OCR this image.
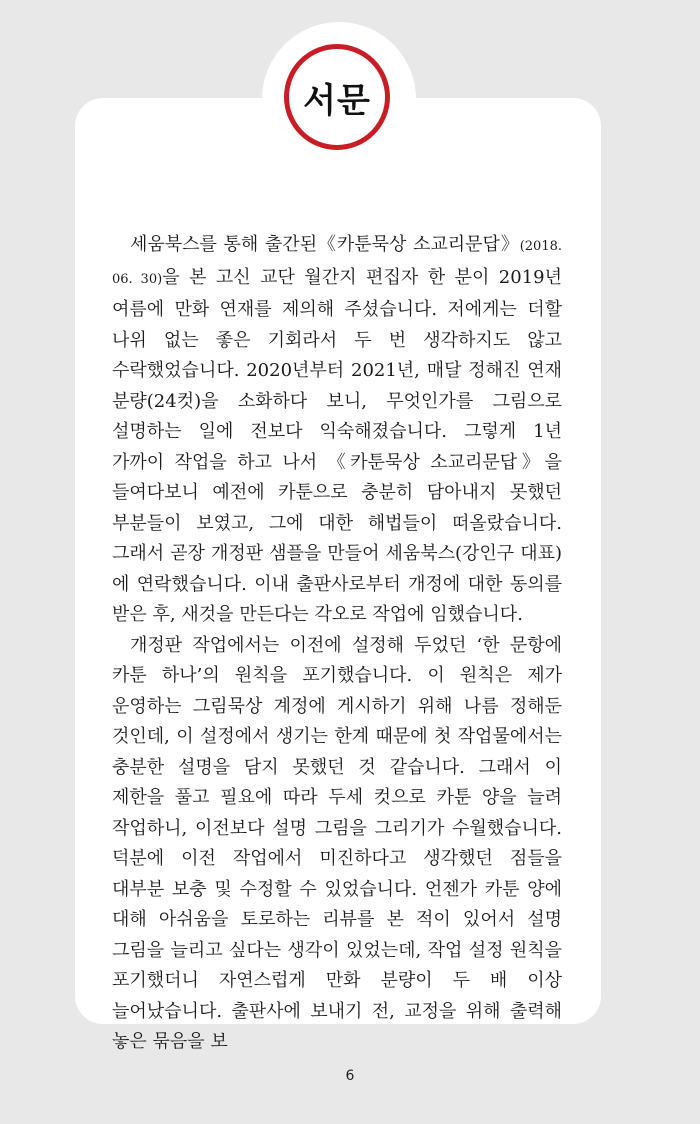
서문

세움북스를 통해 출간된《카툰묵상 소교리문답》(2018. 06. 30)을 본 고신 교단 월간지 편집자 한 분이 2019년 여름에 만화 연재를 제의해 주셨습니다. 저에게는 더할 나위 없는 좋은 기회라서 두 번 생각하지도 않고 수락했었습니다. 2020년부터 2021년, 매달 정해진 연재 분량(24컷)을 소화하다 보니, 무엇인가를 그림으로 설명하는 일에 전보다 익숙해졌습니다. 그렇게 1년 가까이 작업을 하고 나서 《카툰묵상 소교리문답》을 들여다보니 예전에 카툰으로 충분히 담아내지 못했던 부분들이 보였고, 그에 대한 해법들이 떠올랐습니다. 그래서 곧장 개정판 샘플을 만들어 세움북스(강인구 대표)에 연락했습니다. 이내 출판사로부터 개정에 대한 동의를 받은 후, 새것을 만든다는 각오로 작업에 임했습니다.

개정판 작업에서는 이전에 설정해 두었던 ‘한 문항에 카툰 하나’의 원칙을 포기했습니다. 이 원칙은 제가 운영하는 그림묵상 계정에 게시하기 위해 나름 정해둔 것인데, 이 설정에서 생기는 한계 때문에 첫 작업물에서는 충분한 설명을 담지 못했던 것 같습니다. 그래서 이 제한을 풀고 필요에 따라 두세 컷으로 카툰 양을 늘려 작업하니, 이전보다 설명 그림을 그리기가 수월했습니다. 덕분에 이전 작업에서 미진하다고 생각했던 점들을 대부분 보충 및 수정할 수 있었습니다. 언젠가 카툰 양에 대해 아쉬움을 토로하는 리뷰를 본 적이 있어서 설명 그림을 늘리고 싶다는 생각이 있었는데, 작업 설정 원칙을 포기했더니 자연스럽게 만화 분량이 두 배 이상 늘어났습니다. 출판사에 보내기 전, 교정을 위해 출력해 놓은 묶음을 보

6
